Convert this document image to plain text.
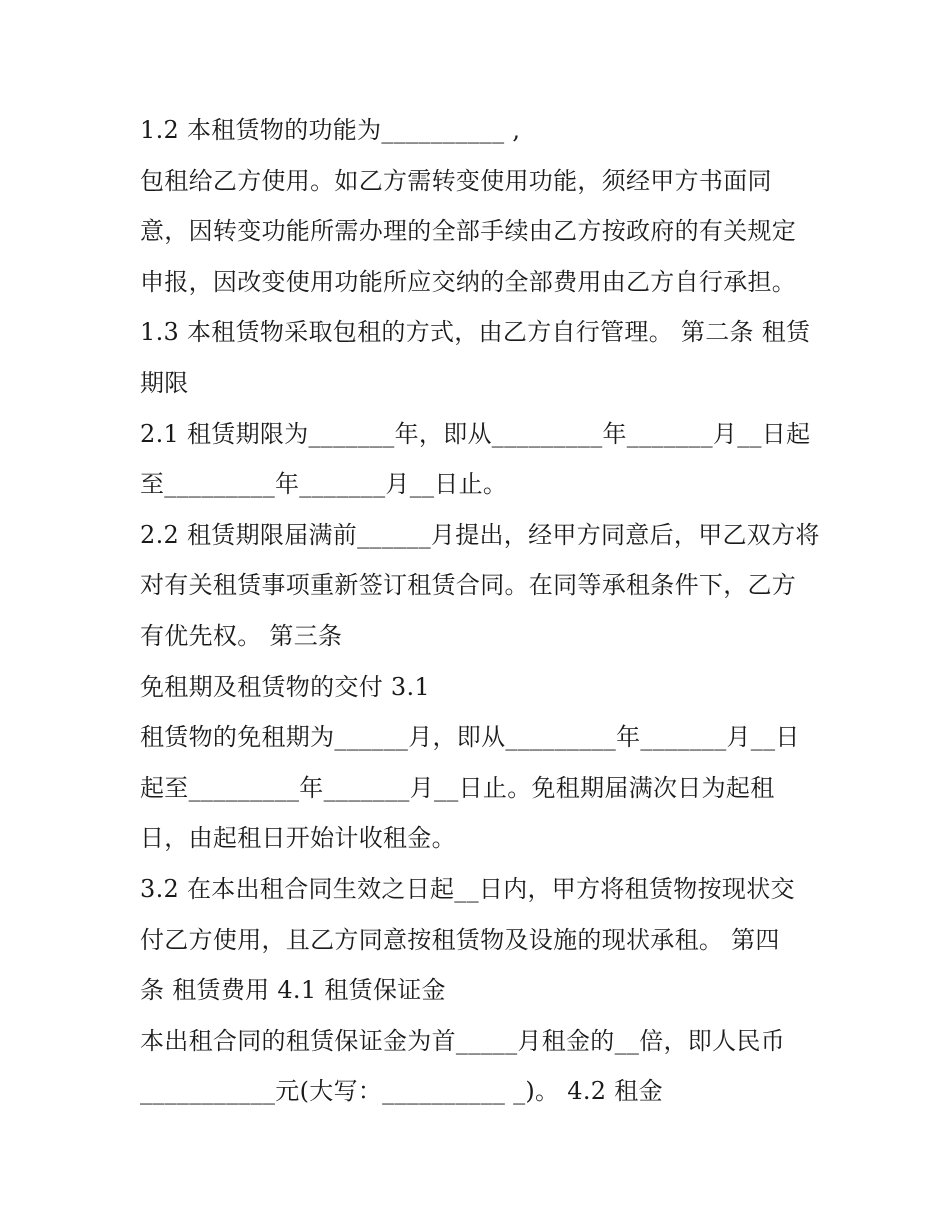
1.2 本租赁物的功能为__________ ,
包租给乙方使用。如乙方需转变使用功能，须经甲方书面同
意，因转变功能所需办理的全部手续由乙方按政府的有关规定
申报，因改变使用功能所应交纳的全部费用由乙方自行承担。
1.3 本租赁物采取包租的方式，由乙方自行管理。 第二条 租赁
期限
2.1 租赁期限为_______年，即从_________年_______月__日起
至_________年_______月__日止。
2.2 租赁期限届满前______月提出，经甲方同意后，甲乙双方将
对有关租赁事项重新签订租赁合同。在同等承租条件下，乙方
有优先权。 第三条
免租期及租赁物的交付 3.1
租赁物的免租期为______月，即从_________年_______月__日
起至_________年_______月__日止。免租期届满次日为起租
日，由起租日开始计收租金。
3.2 在本出租合同生效之日起__日内，甲方将租赁物按现状交
付乙方使用，且乙方同意按租赁物及设施的现状承租。 第四
条 租赁费用 4.1 租赁保证金
本出租合同的租赁保证金为首_____月租金的__倍，即人民币
___________元(大写：__________ _)。 4.2 租金
